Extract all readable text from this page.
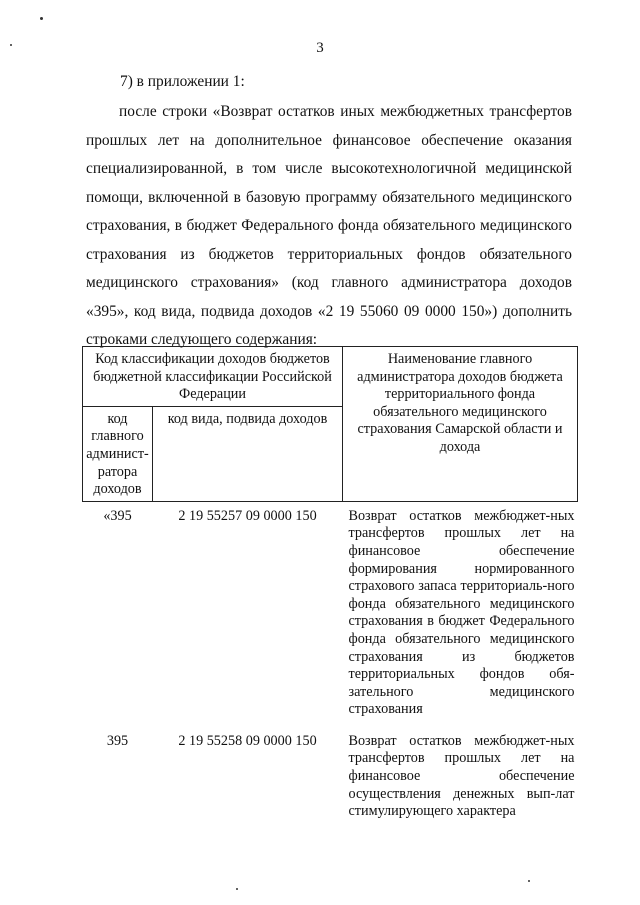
3
7) в приложении 1:

после строки «Возврат остатков иных межбюджетных трансфертов прошлых лет на дополнительное финансовое обеспечение оказания специализированной, в том числе высокотехнологичной медицинской помощи, включенной в базовую программу обязательного медицинского страхования, в бюджет Федерального фонда обязательного медицинского страхования из бюджетов территориальных фондов обязательного медицинского страхования» (код главного администратора доходов «395», код вида, подвида доходов «2 19 55060 09 0000 150») дополнить строками следующего содержания:

Код классификации доходов бюджетов бюджетной классификации Российской Федерации		Наименование главного администратора доходов бюджета территориального фонда обязательного медицинского страхования Самарской области и дохода
код главного админист-ратора доходов	код вида, подвида доходов	
«395	2 19 55257 09 0000 150	Возврат остатков межбюджет-ных трансфертов прошлых лет на финансовое обеспечение формирования нормированного страхового запаса территориаль-ного фонда обязательного медицинского страхования в бюджет Федерального фонда обязательного медицинского страхования из бюджетов территориальных фондов обя-зательного медицинского страхования
395	2 19 55258 09 0000 150	Возврат остатков межбюджет-ных трансфертов прошлых лет на финансовое обеспечение осуществления денежных вып-лат стимулирующего характера
